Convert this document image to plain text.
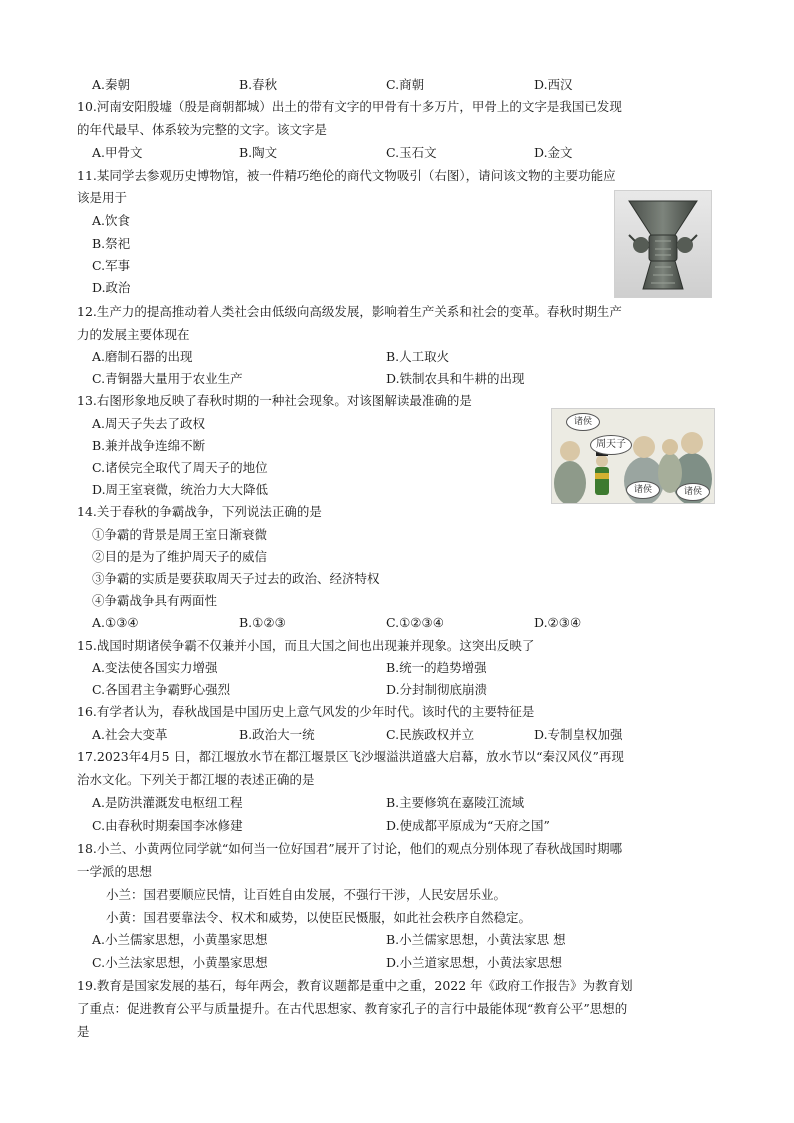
A.秦朝	B.春秋	C.商朝	D.西汉
10.河南安阳殷墟（殷是商朝都城）出土的带有文字的甲骨有十多万片，甲骨上的文字是我国已发现
的年代最早、体系较为完整的文字。该文字是
A.甲骨文	B.陶文	C.玉石文	D.金文
11.某同学去参观历史博物馆，被一件精巧绝伦的商代文物吸引（右图），请问该文物的主要功能应
该是用于
A.饮食
B.祭祀
C.军事
D.政治
12.生产力的提高推动着人类社会由低级向高级发展，影响着生产关系和社会的变革。春秋时期生产
力的发展主要体现在
A.磨制石器的出现	B.人工取火
C.青铜器大量用于农业生产	D.铁制农具和牛耕的出现
13.右图形象地反映了春秋时期的一种社会现象。对该图解读最准确的是
A.周天子失去了政权
B.兼并战争连绵不断
C.诸侯完全取代了周天子的地位
D.周王室衰微，统治力大大降低
诸侯
周天子
诸侯	诸侯
14.关于春秋的争霸战争，下列说法正确的是
①争霸的背景是周王室日渐衰微
②目的是为了维护周天子的威信
③争霸的实质是要获取周天子过去的政治、经济特权
④争霸战争具有两面性
A.①③④	B.①②③	C.①②③④	D.②③④
15.战国时期诸侯争霸不仅兼并小国，而且大国之间也出现兼并现象。这突出反映了
A.变法使各国实力增强	B.统一的趋势增强
C.各国君主争霸野心强烈	D.分封制彻底崩溃
16.有学者认为，春秋战国是中国历史上意气风发的少年时代。该时代的主要特征是
A.社会大变革	B.政治大一统	C.民族政权并立	D.专制皇权加强
17.2023年4月5 日，都江堰放水节在都江堰景区飞沙堰溢洪道盛大启幕，放水节以“秦汉风仪”再现
治水文化。下列关于都江堰的表述正确的是
A.是防洪灌溉发电枢纽工程	B.主要修筑在嘉陵江流域
C.由春秋时期秦国李冰修建	D.使成都平原成为“天府之国”
18.小兰、小黄两位同学就“如何当一位好国君”展开了讨论，他们的观点分别体现了春秋战国时期哪
一学派的思想
小兰：国君要顺应民情，让百姓自由发展，不强行干涉，人民安居乐业。
小黄：国君要靠法令、权术和威势，以使臣民慑服，如此社会秩序自然稳定。
A.小兰儒家思想，小黄墨家思想	B.小兰儒家思想，小黄法家思 想
C.小兰法家思想，小黄墨家思想	D.小兰道家思想，小黄法家思想
19.教育是国家发展的基石，每年两会，教育议题都是重中之重，2022 年《政府工作报告》为教育划
了重点：促进教育公平与质量提升。在古代思想家、教育家孔子的言行中最能体现“教育公平”思想的
是
